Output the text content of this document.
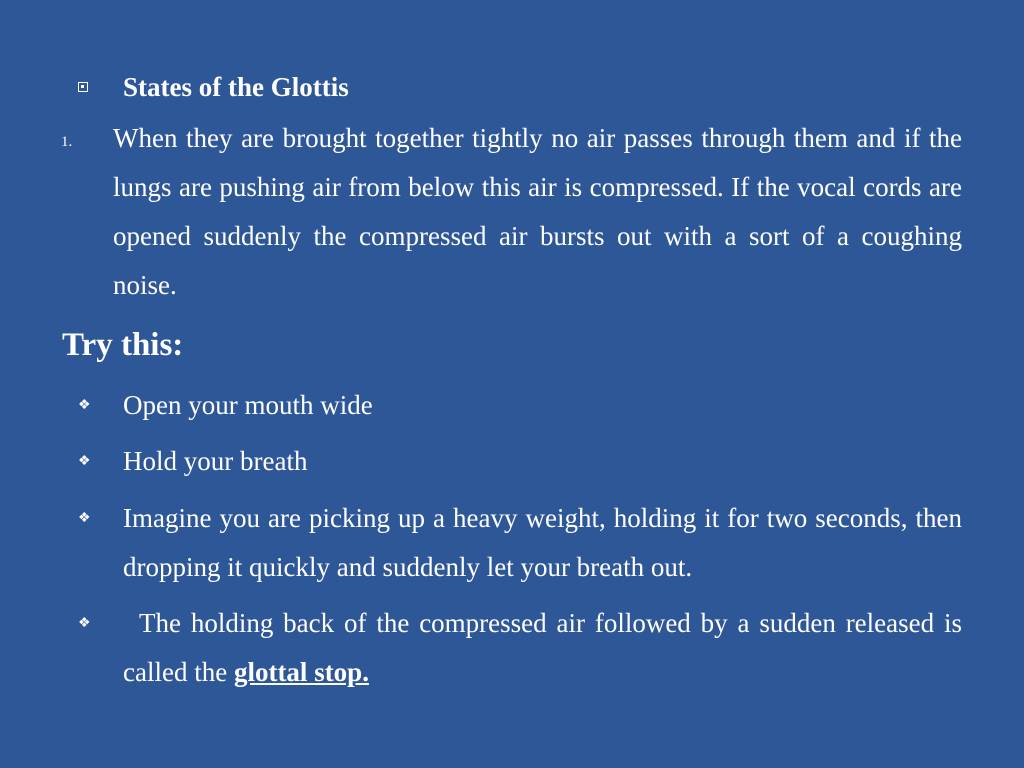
States of the Glottis
1. When they are brought together tightly no air passes through them and if the lungs are pushing air from below this air is compressed. If the vocal cords are opened suddenly the compressed air bursts out with a sort of a coughing noise.
Try this:
❖ Open your mouth wide
❖ Hold your breath
❖ Imagine you are picking up a heavy weight, holding it for two seconds, then dropping it quickly and suddenly let your breath out.
❖	The holding back of the compressed air followed by a sudden released is called the glottal stop.
